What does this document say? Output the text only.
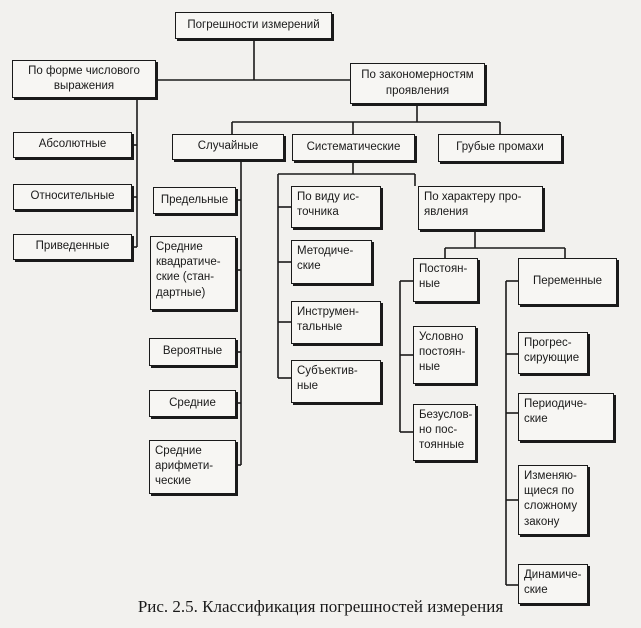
Погрешности измерений
По форме числового
выражения
По закономерностям
проявления
Абсолютные
Относительные
Приведенные
Случайные	Систематические	Грубые промахи
Предельные
Средние
квадратиче-
ские (стан-
дартные)
Вероятные
Средние
Средние
арифмети-
ческие
По виду ис-
точника
По характеру про-
явления
Методиче-
ские
Инструмен-
тальные
Субъектив-
ные
Постоян-
ные
Условно
постоян-
ные
Безуслов-
но пос-
тоянные
Переменные
Прогрес-
сирующие
Периодиче-
ские
Изменяю-
щиеся по
сложному
закону
Динамиче-
ские
Рис. 2.5. Классификация погрешностей измерения
